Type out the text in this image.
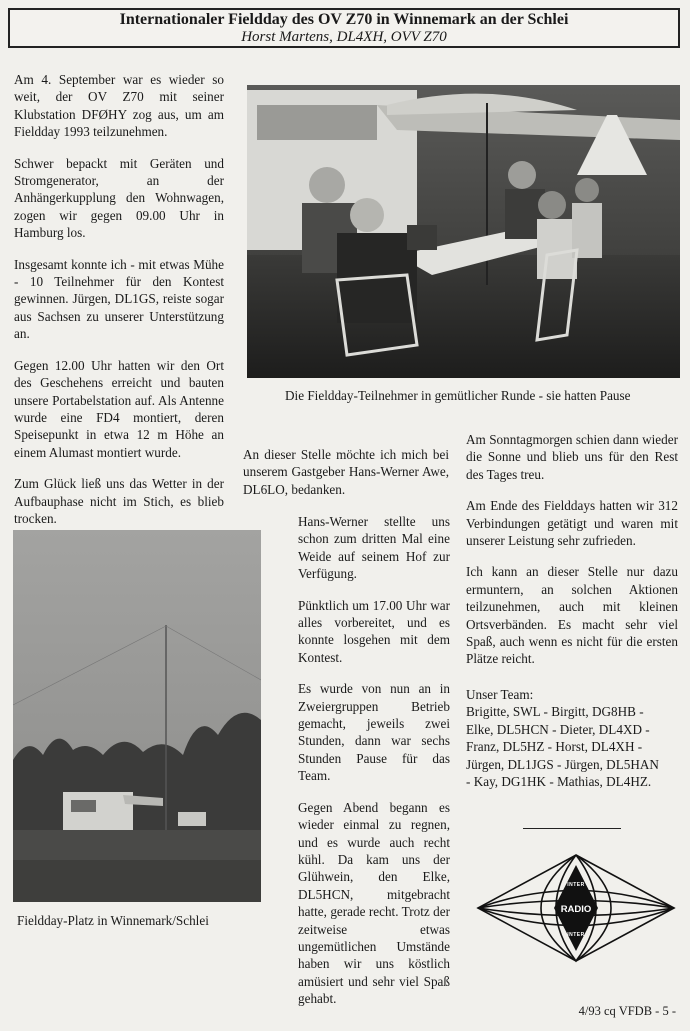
Internationaler Fieldday des OV Z70 in Winnemark an der Schlei
Horst Martens, DL4XH, OVV Z70

Am 4. September war es wieder so weit, der OV Z70 mit seiner Klubstation DFØHY zog aus, um am Fieldday 1993 teilzunehmen.

Schwer bepackt mit Geräten und Stromgenerator, an der Anhängerkupplung den Wohnwagen, zogen wir gegen 09.00 Uhr in Hamburg los.

Insgesamt konnte ich - mit etwas Mühe - 10 Teilnehmer für den Kontest gewinnen. Jürgen, DL1GS, reiste sogar aus Sachsen zu unserer Unterstützung an.

Gegen 12.00 Uhr hatten wir den Ort des Geschehens erreicht und bauten unsere Portabelstation auf. Als Antenne wurde eine FD4 montiert, deren Speisepunkt in etwa 12 m Höhe an einem Alumast montiert wurde.

Zum Glück ließ uns das Wetter in der Aufbauphase nicht im Stich, es blieb trocken.

Die Fieldday-Teilnehmer in gemütlicher Runde - sie hatten Pause
Fieldday-Platz in Winnemark/Schlei

An dieser Stelle möchte ich mich bei unserem Gastgeber Hans-Werner Awe, DL6LO, bedanken.

Hans-Werner stellte uns schon zum dritten Mal eine Weide auf seinem Hof zur Verfügung.

Pünktlich um 17.00 Uhr war alles vorbereitet, und es konnte losgehen mit dem Kontest.

Es wurde von nun an in Zweiergruppen Betrieb gemacht, jeweils zwei Stunden, dann war sechs Stunden Pause für das Team.

Gegen Abend begann es wieder einmal zu regnen, und es wurde auch recht kühl. Da kam uns der Glühwein, den Elke, DL5HCN, mitgebracht hatte, gerade recht. Trotz der zeitweise etwas ungemütlichen Umstände haben wir uns köstlich amüsiert und sehr viel Spaß gehabt.

Am Sonntagmorgen schien dann wieder die Sonne und blieb uns für den Rest des Tages treu.

Am Ende des Fielddays hatten wir 312 Verbindungen getätigt und waren mit unserer Leistung sehr zufrieden.

Ich kann an dieser Stelle nur dazu ermuntern, an solchen Aktionen teilzunehmen, auch mit kleinen Ortsverbänden. Es macht sehr viel Spaß, auch wenn es nicht für die ersten Plätze reicht.

Unser Team:
Brigitte, SWL - Birgitt, DG8HB -
Elke, DL5HCN - Dieter, DL4XD -
Franz, DL5HZ - Horst, DL4XH -
Jürgen, DL1JGS - Jürgen, DL5HAN
- Kay, DG1HK - Mathias, DL4HZ.
RADIO
INTER
INTER
4/93 cq VFDB - 5 -
